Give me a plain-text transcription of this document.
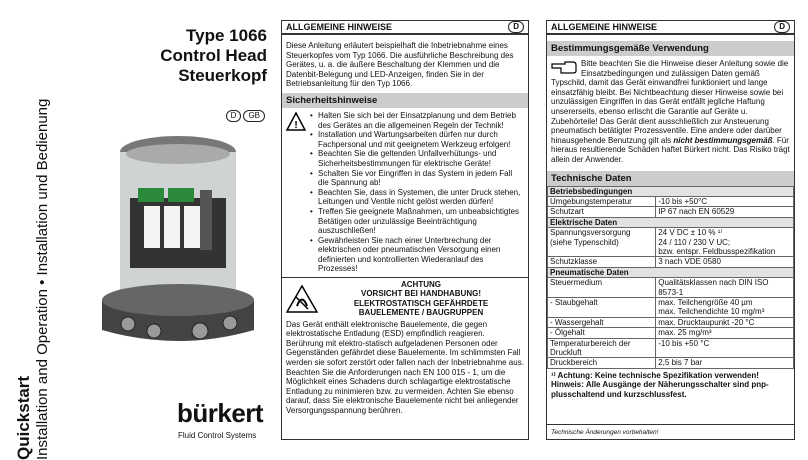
Quickstart
Installation and Operation • Installation und Bedienung
Type 1066
Control Head
Steuerkopf
D	GB
bürkert
Fluid Control Systems
ALLGEMEINE HINWEISE	D
Diese Anleitung erläutert beispielhaft die Inbetriebnahme eines Steuerkopfes vom Typ 1066. Die ausführliche Beschreibung des Gerätes, u. a. die äußere Beschaltung der Klemmen und die Datenbit-Belegung und LED-Anzeigen, finden Sie in der Betriebsanleitung für den Typ 1066.
Sicherheitshinweise
!
• Halten Sie sich bei der Einsatzplanung und dem Betrieb des Gerätes an die allgemeinen Regeln der Technik!
• Installation und Wartungsarbeiten dürfen nur durch Fachpersonal und mit geeignetem Werkzeug erfolgen!
• Beachten Sie die geltenden Unfallverhütungs- und Sicherheitsbestimmungen für elektrische Geräte!
• Schalten Sie vor Eingriffen in das System in jedem Fall die Spannung ab!
• Beachten Sie, dass in Systemen, die unter Druck stehen, Leitungen und Ventile nicht gelöst werden dürfen!
• Treffen Sie geeignete Maßnahmen, um unbeabsichtigtes Betätigen oder unzulässige Beeinträchtigung auszuschließen!
• Gewährleisten Sie nach einer Unterbrechung der elektrischen oder pneumatischen Versorgung einen definierten und kontrollierten Wiederanlauf des Prozesses!
ACHTUNG
VORSICHT BEI HANDHABUNG!
ELEKTROSTATISCH GEFÄHRDETE
BAUELEMENTE / BAUGRUPPEN
Das Gerät enthält elektronische Bauelemente, die gegen elektrostatische Entladung (ESD) empfindlich reagieren. Berührung mit elektro-statisch aufgeladenen Personen oder Gegenständen gefährdet diese Bauelemente. Im schlimmsten Fall werden sie sofort zerstört oder fallen nach der Inbetriebnahme aus. Beachten Sie die Anforderungen nach EN 100 015 - 1, um die Möglichkeit eines Schadens durch schlagartige elektrostatische Entladung zu minimieren bzw. zu vermeiden. Achten Sie ebenso darauf, dass Sie elektronische Bauelemente nicht bei anliegender Versorgungsspannung berühren.
ALLGEMEINE HINWEISE	D
Bestimmungsgemäße Verwendung
Bitte beachten Sie die Hinweise dieser Anleitung sowie die Einsatzbedingungen und zulässigen Daten gemäß Typschild, damit das Gerät einwandfrei funktioniert und lange einsatzfähig bleibt. Bei Nichtbeachtung dieser Hinweise sowie bei unzulässigen Eingriffen in das Gerät entfällt jegliche Haftung unsererseits, ebenso erlischt die Garantie auf Geräte u. Zubehörteile! Das Gerät dient ausschließlich zur Ansteuerung pneumatisch betätigter Prozessventile. Eine andere oder darüber hinausgehende Benutzung gilt als nicht bestimmungsgemäß. Für hieraus resultierende Schäden haftet Bürkert nicht. Das Risiko trägt allein der Anwender.
Technische Daten
Betriebsbedingungen	
Umgebungstemperatur	-10 bis +50°C
Schutzart	IP 67 nach EN 60529
Elektrische Daten	
Spannungsversorgung (siehe Typenschild)	24 V DC ± 10 % ¹⁾
24 / 110 / 230 V UC;
bzw. entspr. Feldbusspezifikation

Schutzklasse	3 nach VDE 0580
Pneumatische Daten	
Steuermedium	Qualitätsklassen nach DIN ISO 8573-1
- Staubgehalt	max. Teilchengröße 40 µm
max. Teilchendichte 10 mg/m³

- Wassergehalt	max. Drucktaupunkt -20 °C
- Ölgehalt	max. 25 mg/m³
Temperaturbereich der Druckluft	-10 bis +50 °C
Druckbereich	2,5 bis 7 bar
¹⁾ Achtung: Keine technische Spezifikation verwenden!
Hinweis: Alle Ausgänge der Näherungsschalter sind pnp-plusschaltend und kurzschlussfest.
Technische Änderungen vorbehalten!
